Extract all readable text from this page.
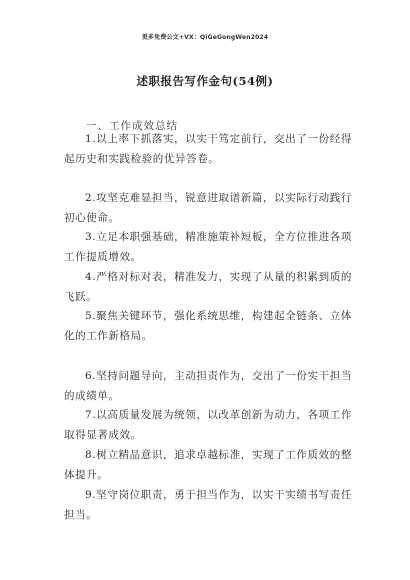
更多免费公文+VX：QiGeGongWen2024
述职报告写作金句(54例)
一、工作成效总结

1.以上率下抓落实，以实干笃定前行，交出了一份经得起历史和实践检验的优异答卷。

2.攻坚克难显担当，锐意进取谱新篇，以实际行动践行初心使命。

3.立足本职强基础，精准施策补短板，全方位推进各项工作提质增效。

4.严格对标对表，精准发力，实现了从量的积累到质的飞跃。

5.聚焦关键环节，强化系统思维，构建起全链条、立体化的工作新格局。

6.坚持问题导向，主动担责作为，交出了一份实干担当的成绩单。

7.以高质量发展为统领，以改革创新为动力，各项工作取得显著成效。

8.树立精品意识，追求卓越标准，实现了工作质效的整体提升。

9.坚守岗位职责，勇于担当作为，以实干实绩书写责任担当。
